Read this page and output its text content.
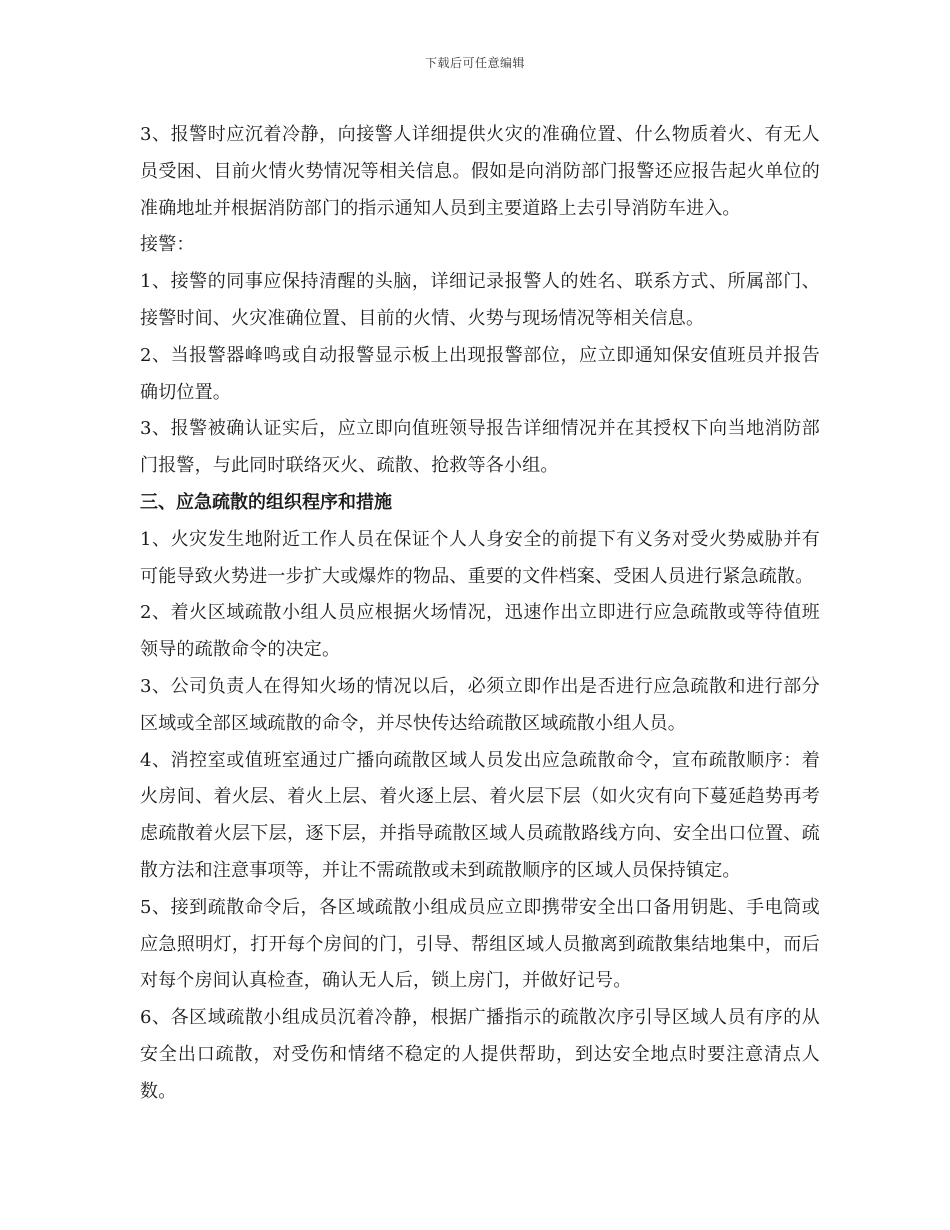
下载后可任意编辑

3、报警时应沉着冷静，向接警人详细提供火灾的准确位置、什么物质着火、有无人员受困、目前火情火势情况等相关信息。假如是向消防部门报警还应报告起火单位的准确地址并根据消防部门的指示通知人员到主要道路上去引导消防车进入。

接警：

1、接警的同事应保持清醒的头脑，详细记录报警人的姓名、联系方式、所属部门、接警时间、火灾准确位置、目前的火情、火势与现场情况等相关信息。

2、当报警器峰鸣或自动报警显示板上出现报警部位，应立即通知保安值班员并报告确切位置。

3、报警被确认证实后，应立即向值班领导报告详细情况并在其授权下向当地消防部门报警，与此同时联络灭火、疏散、抢救等各小组。

三、应急疏散的组织程序和措施

1、火灾发生地附近工作人员在保证个人人身安全的前提下有义务对受火势威胁并有可能导致火势进一步扩大或爆炸的物品、重要的文件档案、受困人员进行紧急疏散。

2、着火区域疏散小组人员应根据火场情况，迅速作出立即进行应急疏散或等待值班领导的疏散命令的决定。

3、公司负责人在得知火场的情况以后，必须立即作出是否进行应急疏散和进行部分区域或全部区域疏散的命令，并尽快传达给疏散区域疏散小组人员。

4、消控室或值班室通过广播向疏散区域人员发出应急疏散命令，宣布疏散顺序：着火房间、着火层、着火上层、着火逐上层、着火层下层（如火灾有向下蔓延趋势再考虑疏散着火层下层，逐下层，并指导疏散区域人员疏散路线方向、安全出口位置、疏散方法和注意事项等，并让不需疏散或未到疏散顺序的区域人员保持镇定。

5、接到疏散命令后，各区域疏散小组成员应立即携带安全出口备用钥匙、手电筒或应急照明灯，打开每个房间的门，引导、帮组区域人员撤离到疏散集结地集中，而后对每个房间认真检查，确认无人后，锁上房门，并做好记号。

6、各区域疏散小组成员沉着冷静，根据广播指示的疏散次序引导区域人员有序的从安全出口疏散，对受伤和情绪不稳定的人提供帮助，到达安全地点时要注意清点人数。
